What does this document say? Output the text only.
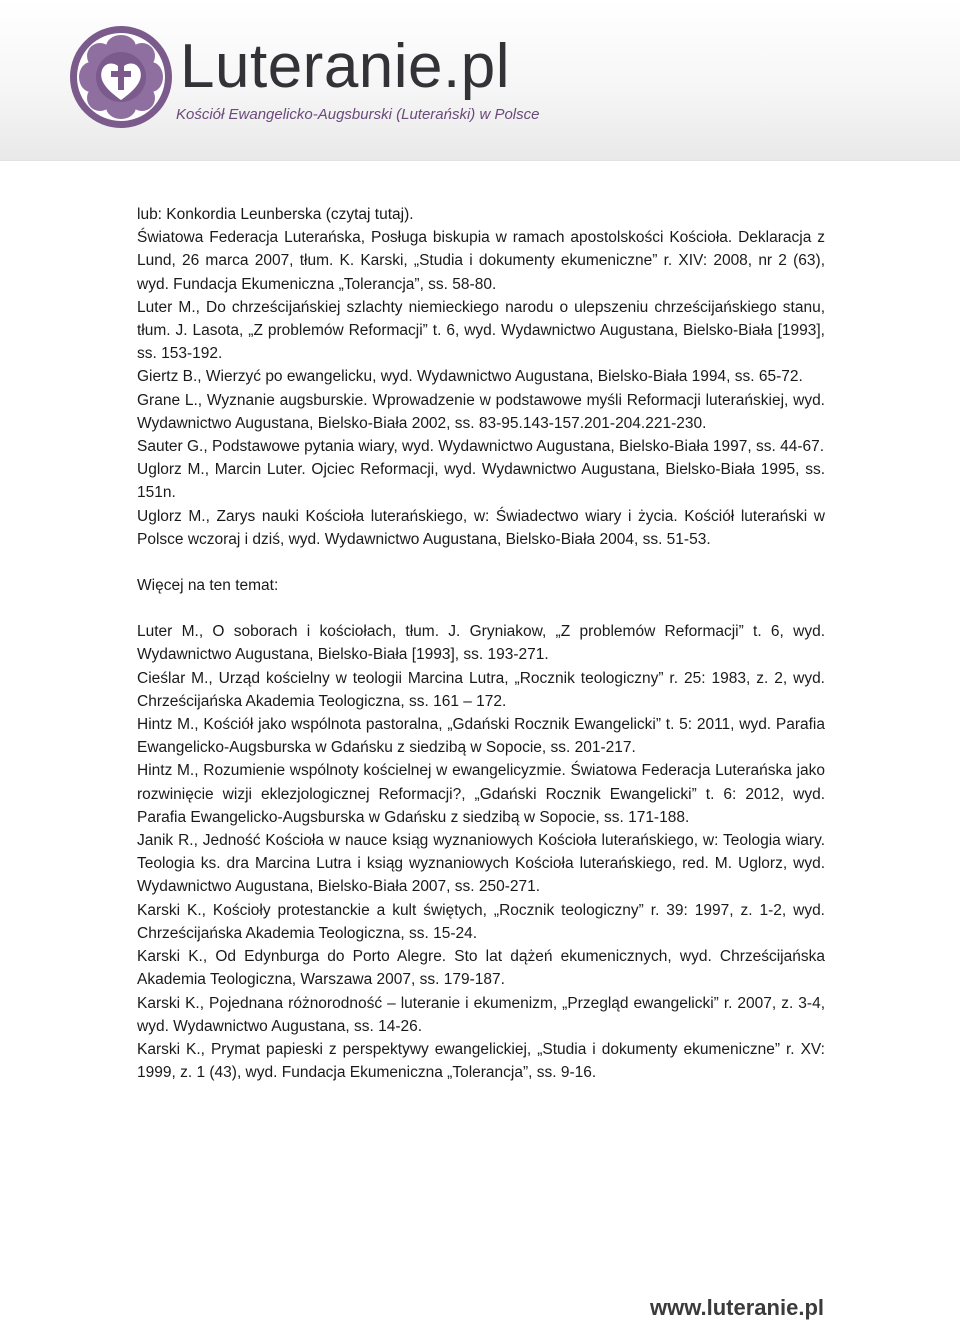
Luteranie.pl
Kościół Ewangelicko-Augsburski (Luterański) w Polsce

lub: Konkordia Leunberska (czytaj tutaj).

Światowa Federacja Luterańska, Posługa biskupia w ramach apostolskości Kościoła. Deklaracja z Lund, 26 marca 2007, tłum. K. Karski, „Studia i dokumenty ekumeniczne” r. XIV: 2008, nr 2 (63), wyd. Fundacja Ekumeniczna „Tolerancja”, ss. 58-80.

Luter M., Do chrześcijańskiej szlachty niemieckiego narodu o ulepszeniu chrześcijańskiego stanu, tłum. J. Lasota, „Z problemów Reformacji” t. 6, wyd. Wydawnictwo Augustana, Bielsko-Biała [1993], ss. 153-192.

Giertz B., Wierzyć po ewangelicku, wyd. Wydawnictwo Augustana, Bielsko-Biała 1994, ss. 65-72.

Grane L., Wyznanie augsburskie. Wprowadzenie w podstawowe myśli Reformacji luterańskiej, wyd. Wydawnictwo Augustana, Bielsko-Biała 2002, ss. 83-95.143-157.201-204.221-230.

Sauter G., Podstawowe pytania wiary, wyd. Wydawnictwo Augustana, Bielsko-Biała 1997, ss. 44-67.

Uglorz M., Marcin Luter. Ojciec Reformacji, wyd. Wydawnictwo Augustana, Bielsko-Biała 1995, ss. 151n.

Uglorz M., Zarys nauki Kościoła luterańskiego, w: Świadectwo wiary i życia. Kościół luterański w Polsce wczoraj i dziś, wyd. Wydawnictwo Augustana, Bielsko-Biała 2004, ss. 51-53.

Więcej na ten temat:

Luter M., O soborach i kościołach, tłum. J. Gryniakow, „Z problemów Reformacji” t. 6, wyd. Wydawnictwo Augustana, Bielsko-Biała [1993], ss. 193-271.

Cieślar M., Urząd kościelny w teologii Marcina Lutra, „Rocznik teologiczny” r. 25: 1983, z. 2, wyd. Chrześcijańska Akademia Teologiczna, ss. 161 – 172.

Hintz M., Kościół jako wspólnota pastoralna, „Gdański Rocznik Ewangelicki” t. 5: 2011, wyd. Parafia Ewangelicko-Augsburska w Gdańsku z siedzibą w Sopocie, ss. 201-217.

Hintz M., Rozumienie wspólnoty kościelnej w ewangelicyzmie. Światowa Federacja Luterańska jako rozwinięcie wizji eklezjologicznej Reformacji?, „Gdański Rocznik Ewangelicki” t. 6: 2012, wyd. Parafia Ewangelicko-Augsburska w Gdańsku z siedzibą w Sopocie, ss. 171-188.

Janik R., Jedność Kościoła w nauce ksiąg wyznaniowych Kościoła luterańskiego, w: Teologia wiary. Teologia ks. dra Marcina Lutra i ksiąg wyznaniowych Kościoła luterańskiego, red. M. Uglorz, wyd. Wydawnictwo Augustana, Bielsko-Biała 2007, ss. 250-271.

Karski K., Kościoły protestanckie a kult świętych, „Rocznik teologiczny” r. 39: 1997, z. 1-2, wyd. Chrześcijańska Akademia Teologiczna, ss. 15-24.

Karski K., Od Edynburga do Porto Alegre. Sto lat dążeń ekumenicznych, wyd. Chrześcijańska Akademia Teologiczna, Warszawa 2007, ss. 179-187.

Karski K., Pojednana różnorodność – luteranie i ekumenizm, „Przegląd ewangelicki” r. 2007, z. 3-4, wyd. Wydawnictwo Augustana, ss. 14-26.

Karski K., Prymat papieski z perspektywy ewangelickiej, „Studia i dokumenty ekumeniczne” r. XV: 1999, z. 1 (43), wyd. Fundacja Ekumeniczna „Tolerancja”, ss. 9-16.

www.luteranie.pl
